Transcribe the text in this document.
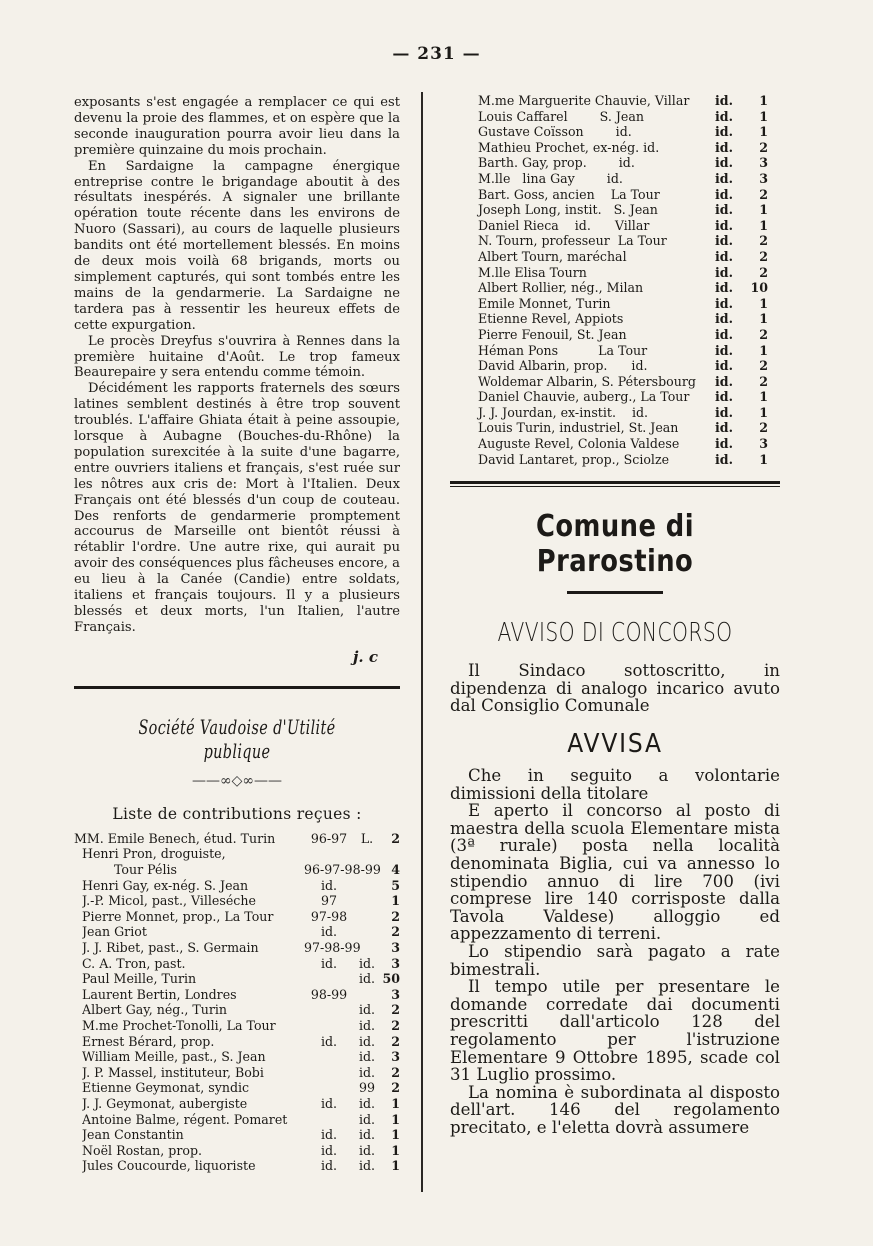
— 231 —

exposants s'est engagée a remplacer ce qui est devenu la proie des flammes, et on espère que la seconde inauguration pourra avoir lieu dans la première quinzaine du mois prochain.

En Sardaigne la campagne énergique entreprise contre le brigandage aboutit à des résultats inespérés. A signaler une brillante opération toute récente dans les environs de Nuoro (Sassari), au cours de laquelle plusieurs bandits ont été mortellement blessés. En moins de deux mois voilà 68 brigands, morts ou simplement capturés, qui sont tombés entre les mains de la gendarmerie. La Sardaigne ne tardera pas à ressentir les heureux effets de cette expurgation.

Le procès Dreyfus s'ouvrira à Rennes dans la première huitaine d'Août. Le trop fameux Beaurepaire y sera entendu comme témoin.

Décidément les rapports fraternels des sœurs latines semblent destinés à être trop souvent troublés. L'affaire Ghiata était à peine assoupie, lorsque à Aubagne (Bouches-du-Rhône) la population surexcitée à la suite d'une bagarre, entre ouvriers italiens et français, s'est ruée sur les nôtres aux cris de: Mort à l'Italien. Deux Français ont été blessés d'un coup de couteau. Des renforts de gendarmerie promptement accourus de Marseille ont bientôt réussi à rétablir l'ordre. Une autre rixe, qui aurait pu avoir des conséquences plus fâcheuses encore, a eu lieu à la Canée (Candie) entre soldats, italiens et français toujours. Il y a plusieurs blessés et deux morts, l'un Italien, l'autre Français.

j. c
Société Vaudoise d'Utilité publique
——∞◇∞——
Liste de contributions reçues :
MM. Emile Benech, étud. Turin	96-97	L.	2
Henri Pron, droguiste,
Tour Pélis	96-97-98-99 4
Henri Gay, ex-nég. S. Jean	id.	5
J.-P. Micol, past., Villeséche	97	1
Pierre Monnet, prop., La Tour	97-98	2
Jean Griot	id.	2
J. J. Ribet, past., S. Germain	97-98-99	3
C. A. Tron, past.	id.	id.	3
Paul Meille, Turin	id. 50
Laurent Bertin, Londres	98-99	3
Albert Gay, nég., Turin	id.	2
M.me Prochet-Tonolli, La Tour	id.	2
Ernest Bérard, prop.	id.	id.	2
William Meille, past., S. Jean	id.	3
J. P. Massel, instituteur, Bobi	id.	2
Etienne Geymonat, syndic	99	2
J. J. Geymonat, aubergiste	id.	id.	1
Antoine Balme, régent. Pomaret	id.	1
Jean Constantin	id.	id.	1
Noël Rostan, prop.	id.	id.	1
Jules Coucourde, liquoriste	id.	id.	1
M.me Marguerite Chauvie, Villar	id.	1
Louis Caffarel        S. Jean	id.	1
Gustave Coïsson        id.	id.	1
Mathieu Prochet, ex-nég. id.	id.	2
Barth. Gay, prop.        id.	id.	3
M.lle   lina Gay        id.	id.	3
Bart. Goss, ancien    La Tour	id.	2
Joseph Long, instit.   S. Jean	id.	1
Daniel Rieca    id.      Villar	id.	1
N. Tourn, professeur  La Tour	id.	2
Albert Tourn, maréchal	id.	2
M.lle Elisa Tourn	id.	2
Albert Rollier, nég., Milan	id.	10
Emile Monnet, Turin	id.	1
Etienne Revel, Appiots	id.	1
Pierre Fenouil, St. Jean	id.	2
Héman Pons          La Tour	id.	1
David Albarin, prop.      id.	id.	2
Woldemar Albarin, S. Pétersbourg	id.	2
Daniel Chauvie, auberg., La Tour	id.	1
J. J. Jourdan, ex-instit.    id.	id.	1
Louis Turin, industriel, St. Jean	id.	2
Auguste Revel, Colonia Valdese	id.	3
David Lantaret, prop., Sciolze	id.	1
Comune di Prarostino
AVVISO DI CONCORSO

Il Sindaco sottoscritto, in dipendenza di analogo incarico avuto dal Consiglio Comunale

AVVISA

Che in seguito a volontarie dimissioni della titolare

E aperto il concorso al posto di maestra della scuola Elementare mista (3ª rurale) posta nella località denominata Biglia, cui va annesso lo stipendio annuo di lire 700 (ivi comprese lire 140 corrisposte dalla Tavola Valdese) alloggio ed appezzamento di terreni.

Lo stipendio sarà pagato a rate bimestrali.

Il tempo utile per presentare le domande corredate dai documenti prescritti dall'articolo 128 del regolamento per l'istruzione Elementare 9 Ottobre 1895, scade col 31 Luglio prossimo.

La nomina è subordinata al disposto dell'art. 146 del regolamento precitato, e l'eletta dovrà assumere
